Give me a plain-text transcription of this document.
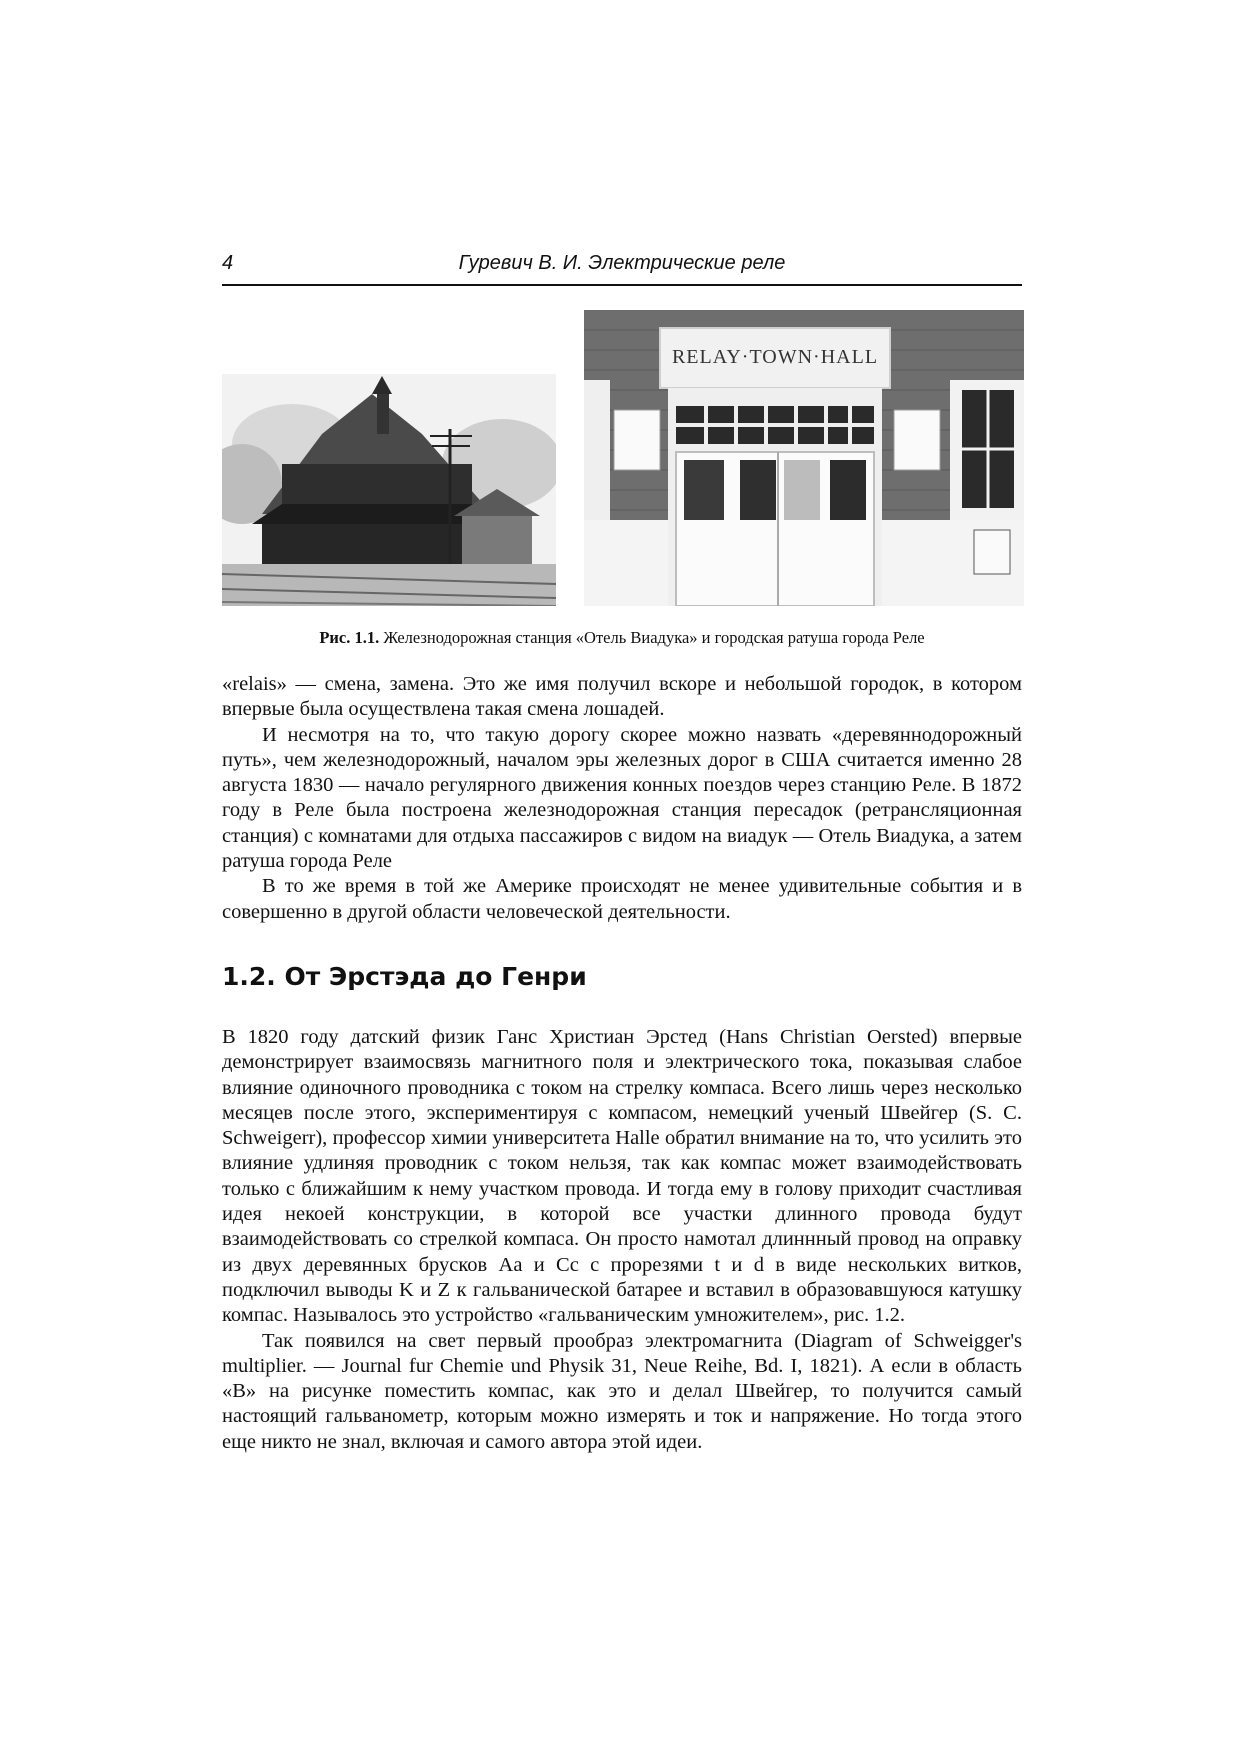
4	Гуревич В. И. Электрические реле
RELAY·TOWN·HALL
Рис. 1.1. Железнодорожная станция «Отель Виадука» и городская ратуша города Реле

«relais» — смена, замена. Это же имя получил вскоре и небольшой городок, в котором впервые была осуществлена такая смена лошадей.

И несмотря на то, что такую дорогу скорее можно назвать «деревяннодорожный путь», чем железнодорожный, началом эры железных дорог в США считается именно 28 августа 1830 — начало регулярного движения конных поездов через станцию Реле. В 1872 году в Реле была построена железнодорожная станция пересадок (ретрансляционная станция) с комнатами для отдыха пассажиров с видом на виадук — Отель Виадука, а затем ратуша города Реле

В то же время в той же Америке происходят не менее удивительные события и в совершенно в другой области человеческой деятельности.

1.2. От Эрстэда до Генри

В 1820 году датский физик Ганс Христиан Эрстед (Hans Christian Oersted) впервые демонстрирует взаимосвязь магнитного поля и электрического тока, показывая слабое влияние одиночного проводника с током на стрелку компаса. Всего лишь через несколько месяцев после этого, экспериментируя с компасом, немецкий ученый Швейгер (S. C. Schweigerr), профессор химии университета Halle обратил внимание на то, что усилить это влияние удлиняя проводник с током нельзя, так как компас может взаимодействовать только с ближайшим к нему участком провода. И тогда ему в голову приходит счастливая идея некоей конструкции, в которой все участки длинного провода будут взаимодействовать со стрелкой компаса. Он просто намотал длиннный провод на оправку из двух деревянных брусков Aa и Cc с прорезями t и d в виде нескольких витков, подключил выводы K и Z к гальванической батарее и вставил в образовавшуюся катушку компас. Называлось это устройство «гальваническим умножителем», рис. 1.2.

Так появился на свет первый прообраз электромагнита (Diagram of Schweigger's multiplier. — Journal fur Chemie und Physik 31, Neue Reihe, Bd. I, 1821). А если в область «B» на рисунке поместить компас, как это и делал Швейгер, то получится самый настоящий гальванометр, которым можно измерять и ток и напряжение. Но тогда этого еще никто не знал, включая и самого автора этой идеи.
